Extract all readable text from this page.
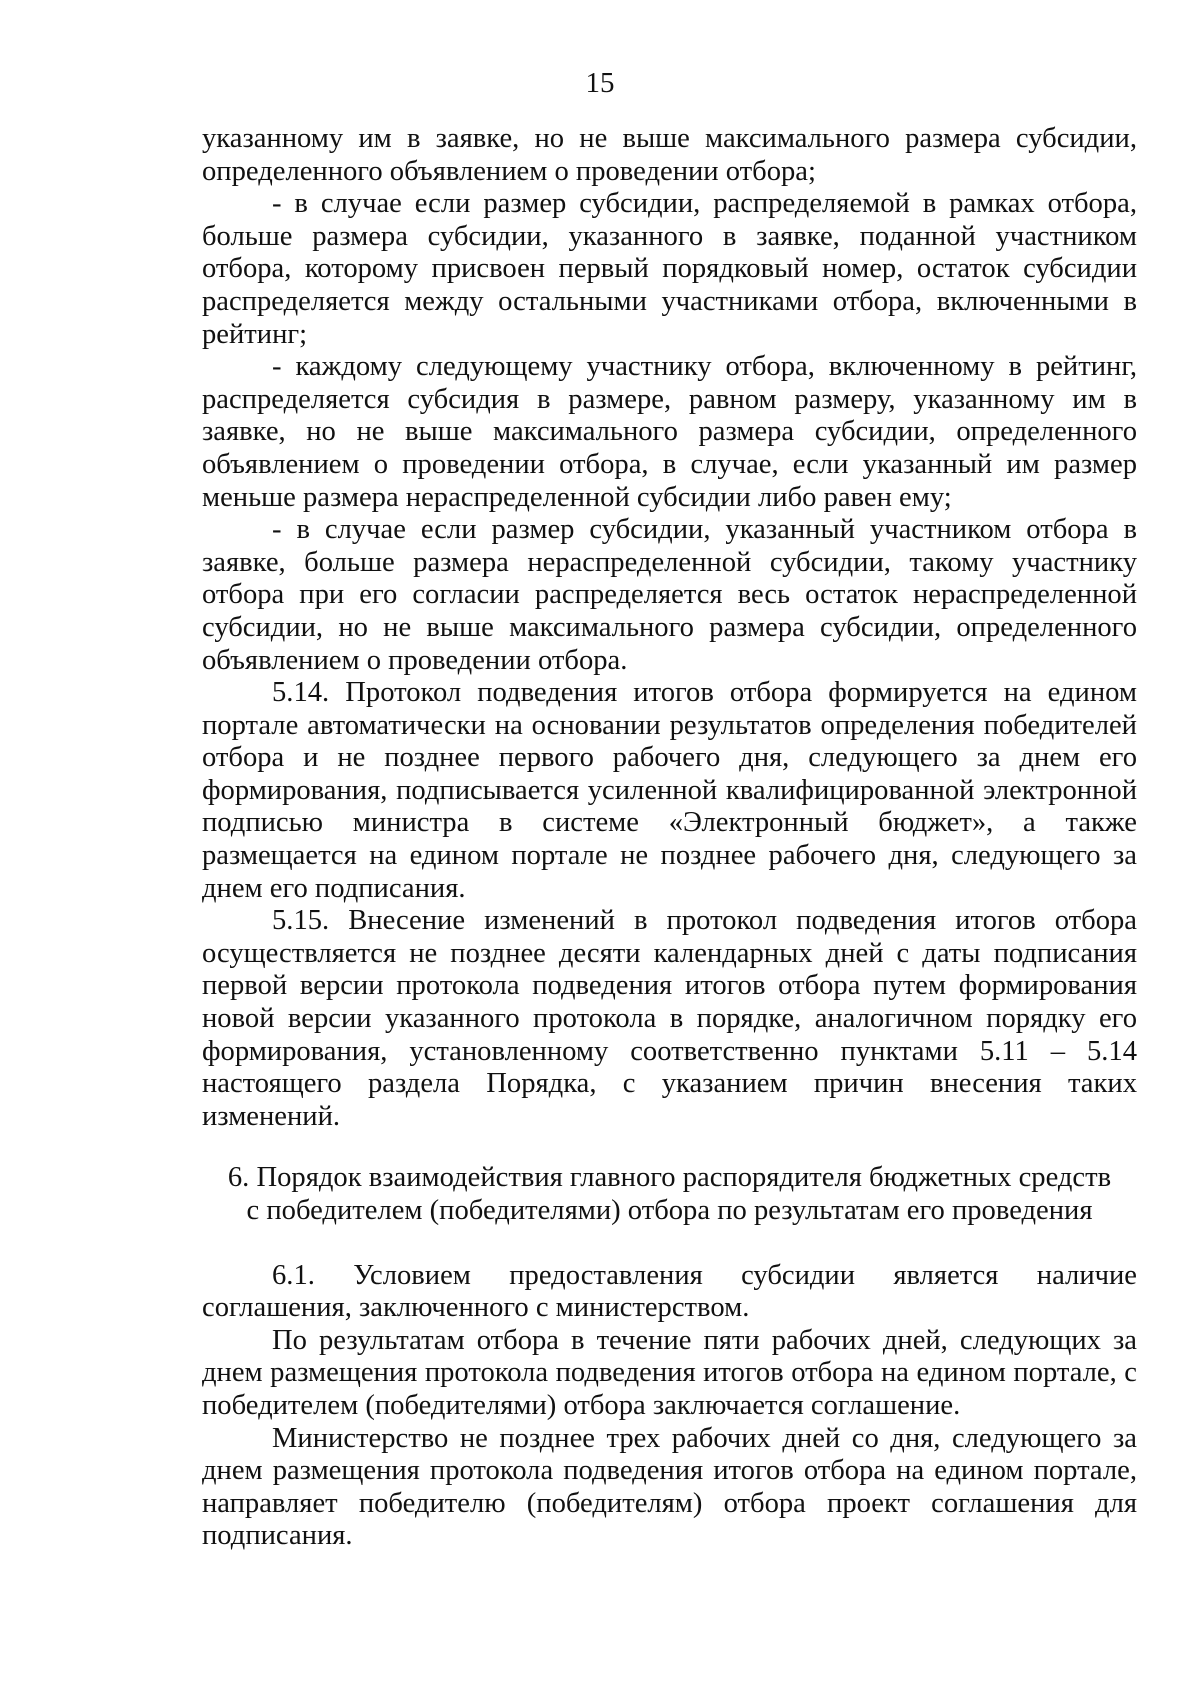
15

указанному им в заявке, но не выше максимального размера субсидии, определенного объявлением о проведении отбора;

- в случае если размер субсидии, распределяемой в рамках отбора, больше размера субсидии, указанного в заявке, поданной участником отбора, которому присвоен первый порядковый номер, остаток субсидии распределяется между остальными участниками отбора, включенными в рейтинг;

- каждому следующему участнику отбора, включенному в рейтинг, распределяется субсидия в размере, равном размеру, указанному им в заявке, но не выше максимального размера субсидии, определенного объявлением о проведении отбора, в случае, если указанный им размер меньше размера нераспределенной субсидии либо равен ему;

- в случае если размер субсидии, указанный участником отбора в заявке, больше размера нераспределенной субсидии, такому участнику отбора при его согласии распределяется весь остаток нераспределенной субсидии, но не выше максимального размера субсидии, определенного объявлением о проведении отбора.

5.14. Протокол подведения итогов отбора формируется на едином портале автоматически на основании результатов определения победителей отбора и не позднее первого рабочего дня, следующего за днем его формирования, подписывается усиленной квалифицированной электронной подписью министра в системе «Электронный бюджет», а также размещается на едином портале не позднее рабочего дня, следующего за днем его подписания.

5.15. Внесение изменений в протокол подведения итогов отбора осуществляется не позднее десяти календарных дней с даты подписания первой версии протокола подведения итогов отбора путем формирования новой версии указанного протокола в порядке, аналогичном порядку его формирования, установленному соответственно пунктами 5.11 – 5.14 настоящего раздела Порядка, с указанием причин внесения таких изменений.

6. Порядок взаимодействия главного распорядителя бюджетных средств
с победителем (победителями) отбора по результатам его проведения

6.1. Условием предоставления субсидии является наличие соглашения, заключенного с министерством.

По результатам отбора в течение пяти рабочих дней, следующих за днем размещения протокола подведения итогов отбора на едином портале, с победителем (победителями) отбора заключается соглашение.

Министерство не позднее трех рабочих дней со дня, следующего за днем размещения протокола подведения итогов отбора на едином портале, направляет победителю (победителям) отбора проект соглашения для подписания.
